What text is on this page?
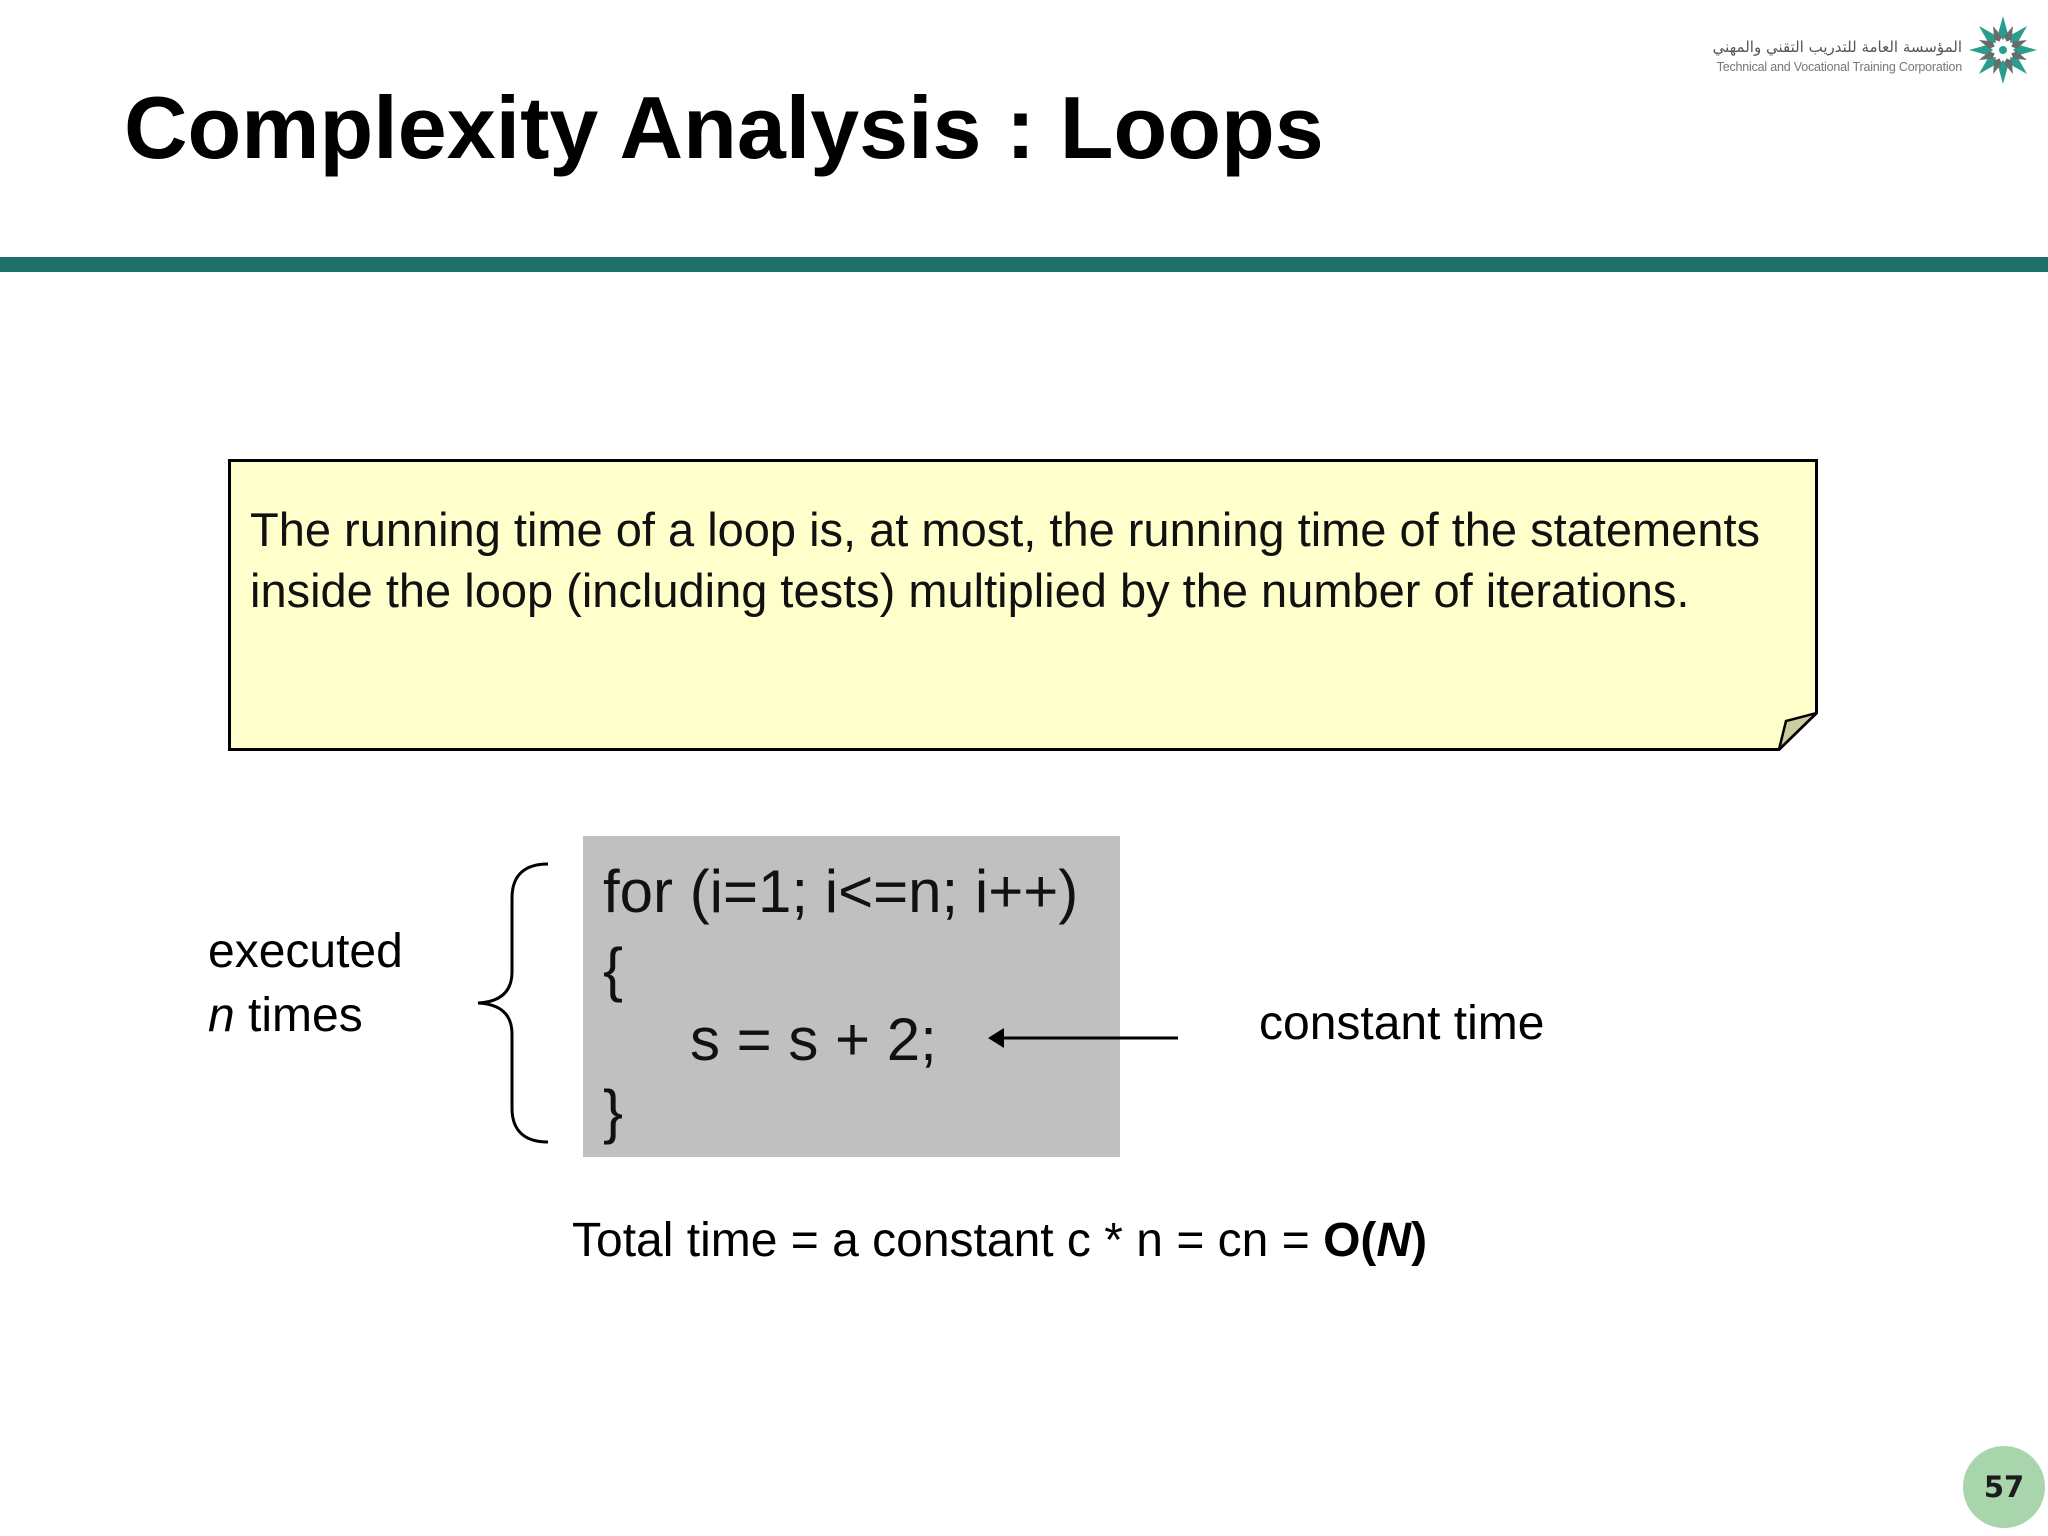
Complexity Analysis : Loops
المؤسسة العامة للتدريب التقني والمهني
Technical and Vocational Training Corporation
The running time of a loop is, at most, the running time of the statements inside the loop (including tests) multiplied by the number of iterations.
executed
n times
for (i=1; i<=n; i++)
{
s = s + 2;
}
constant time
Total time = a constant c * n = cn = O(N)
57
